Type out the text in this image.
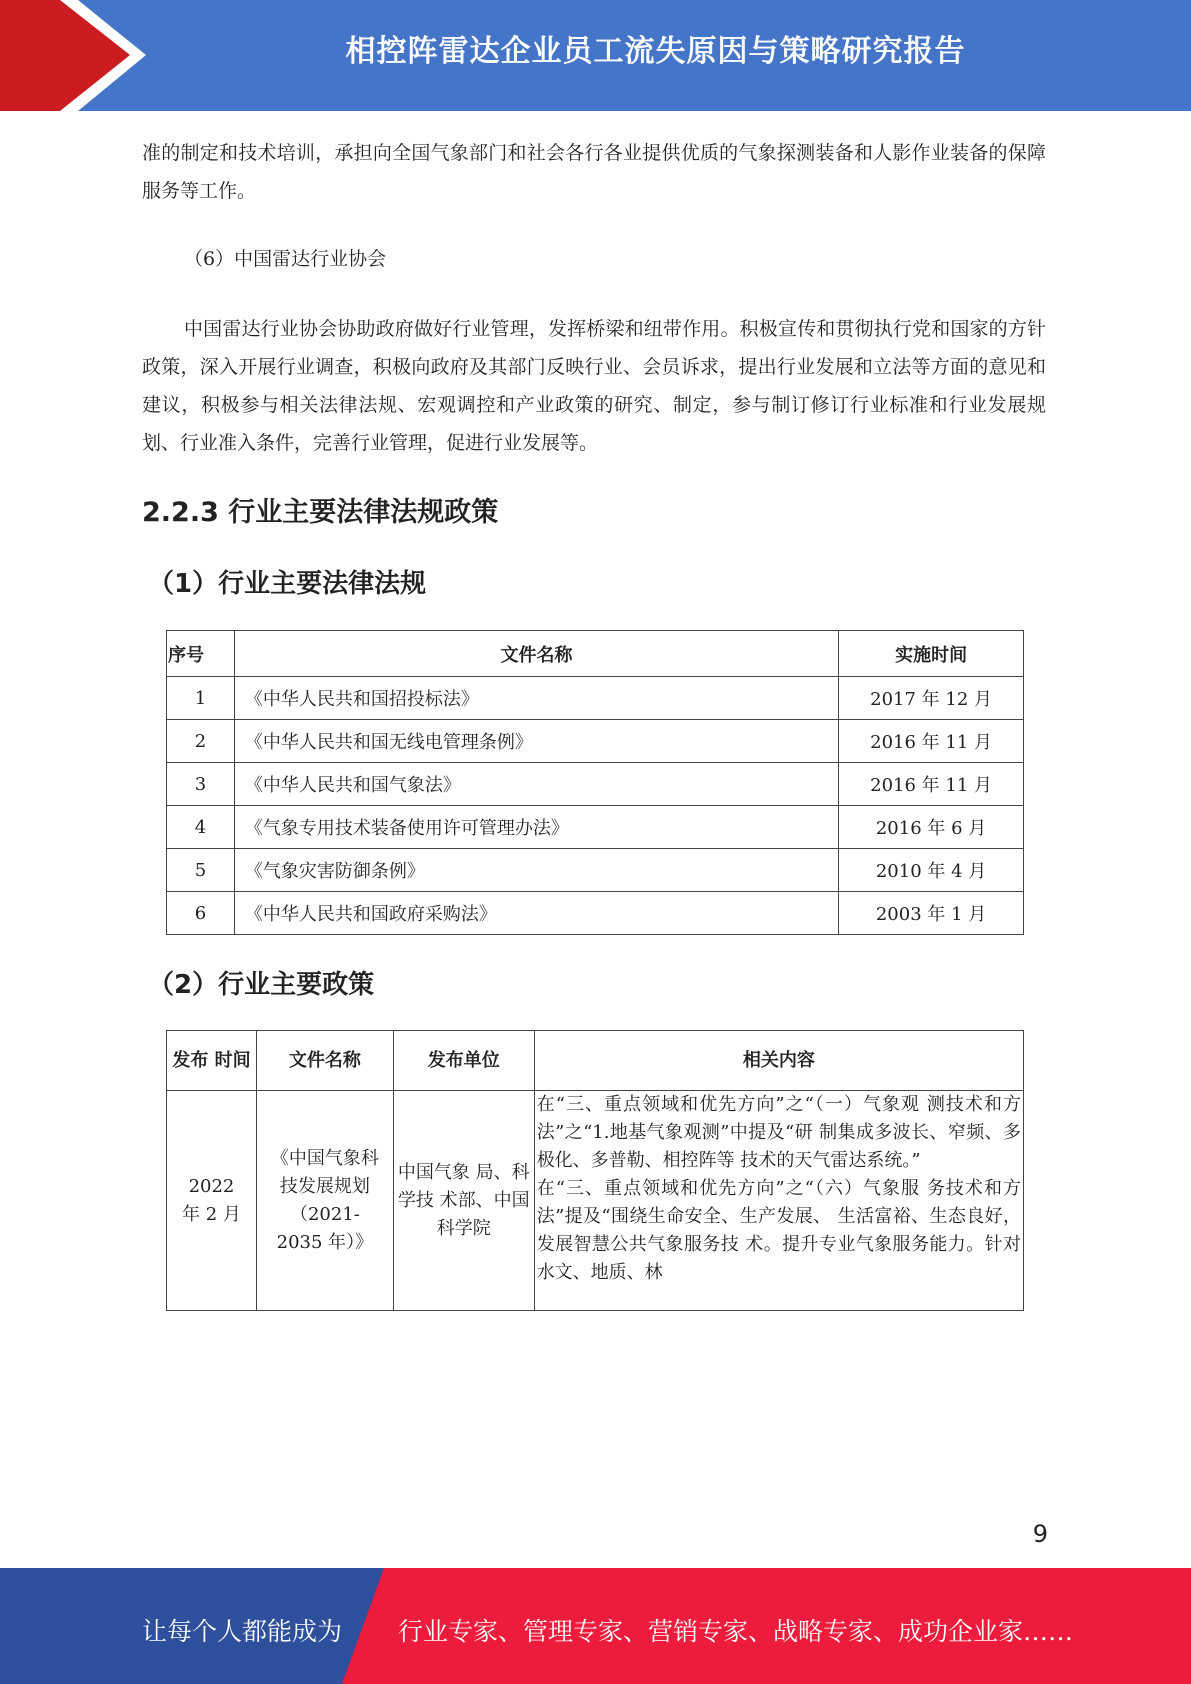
相控阵雷达企业员工流失原因与策略研究报告

准的制定和技术培训，承担向全国气象部门和社会各行各业提供优质的气象探测装备和人影作业装备的保障服务等工作。

（6）中国雷达行业协会

中国雷达行业协会协助政府做好行业管理，发挥桥梁和纽带作用。积极宣传和贯彻执行党和国家的方针政策，深入开展行业调查，积极向政府及其部门反映行业、会员诉求，提出行业发展和立法等方面的意见和建议，积极参与相关法律法规、宏观调控和产业政策的研究、制定，参与制订修订行业标准和行业发展规划、行业准入条件，完善行业管理，促进行业发展等。

2.2.3 行业主要法律法规政策
（1）行业主要法律法规
序号	文件名称	实施时间
1	《中华人民共和国招投标法》	2017 年 12 月
2	《中华人民共和国无线电管理条例》	2016 年 11 月
3	《中华人民共和国气象法》	2016 年 11 月
4	《气象专用技术装备使用许可管理办法》	2016 年 6 月
5	《气象灾害防御条例》	2010 年 4 月
6	《中华人民共和国政府采购法》	2003 年 1 月
（2）行业主要政策
发布 时间	文件名称	发布单位	相关内容
2022 年 2 月	《中国气象科技发展规划（2021-2035 年）》	中国气象 局、科学技 术部、中国 科学院	在“三、重点领域和优先方向”之“（一）气象观 测技术和方法”之“1.地基气象观测”中提及“研 制集成多波长、窄频、多极化、多普勒、相控阵等 技术的天气雷达系统。”
在“三、重点领域和优先方向”之“（六）气象服 务技术和方法”提及“围绕生命安全、生产发展、 生活富裕、生态良好，发展智慧公共气象服务技 术。提升专业气象服务能力。针对水文、地质、林
9
让每个人都能成为 行业专家、管理专家、营销专家、战略专家、成功企业家……
